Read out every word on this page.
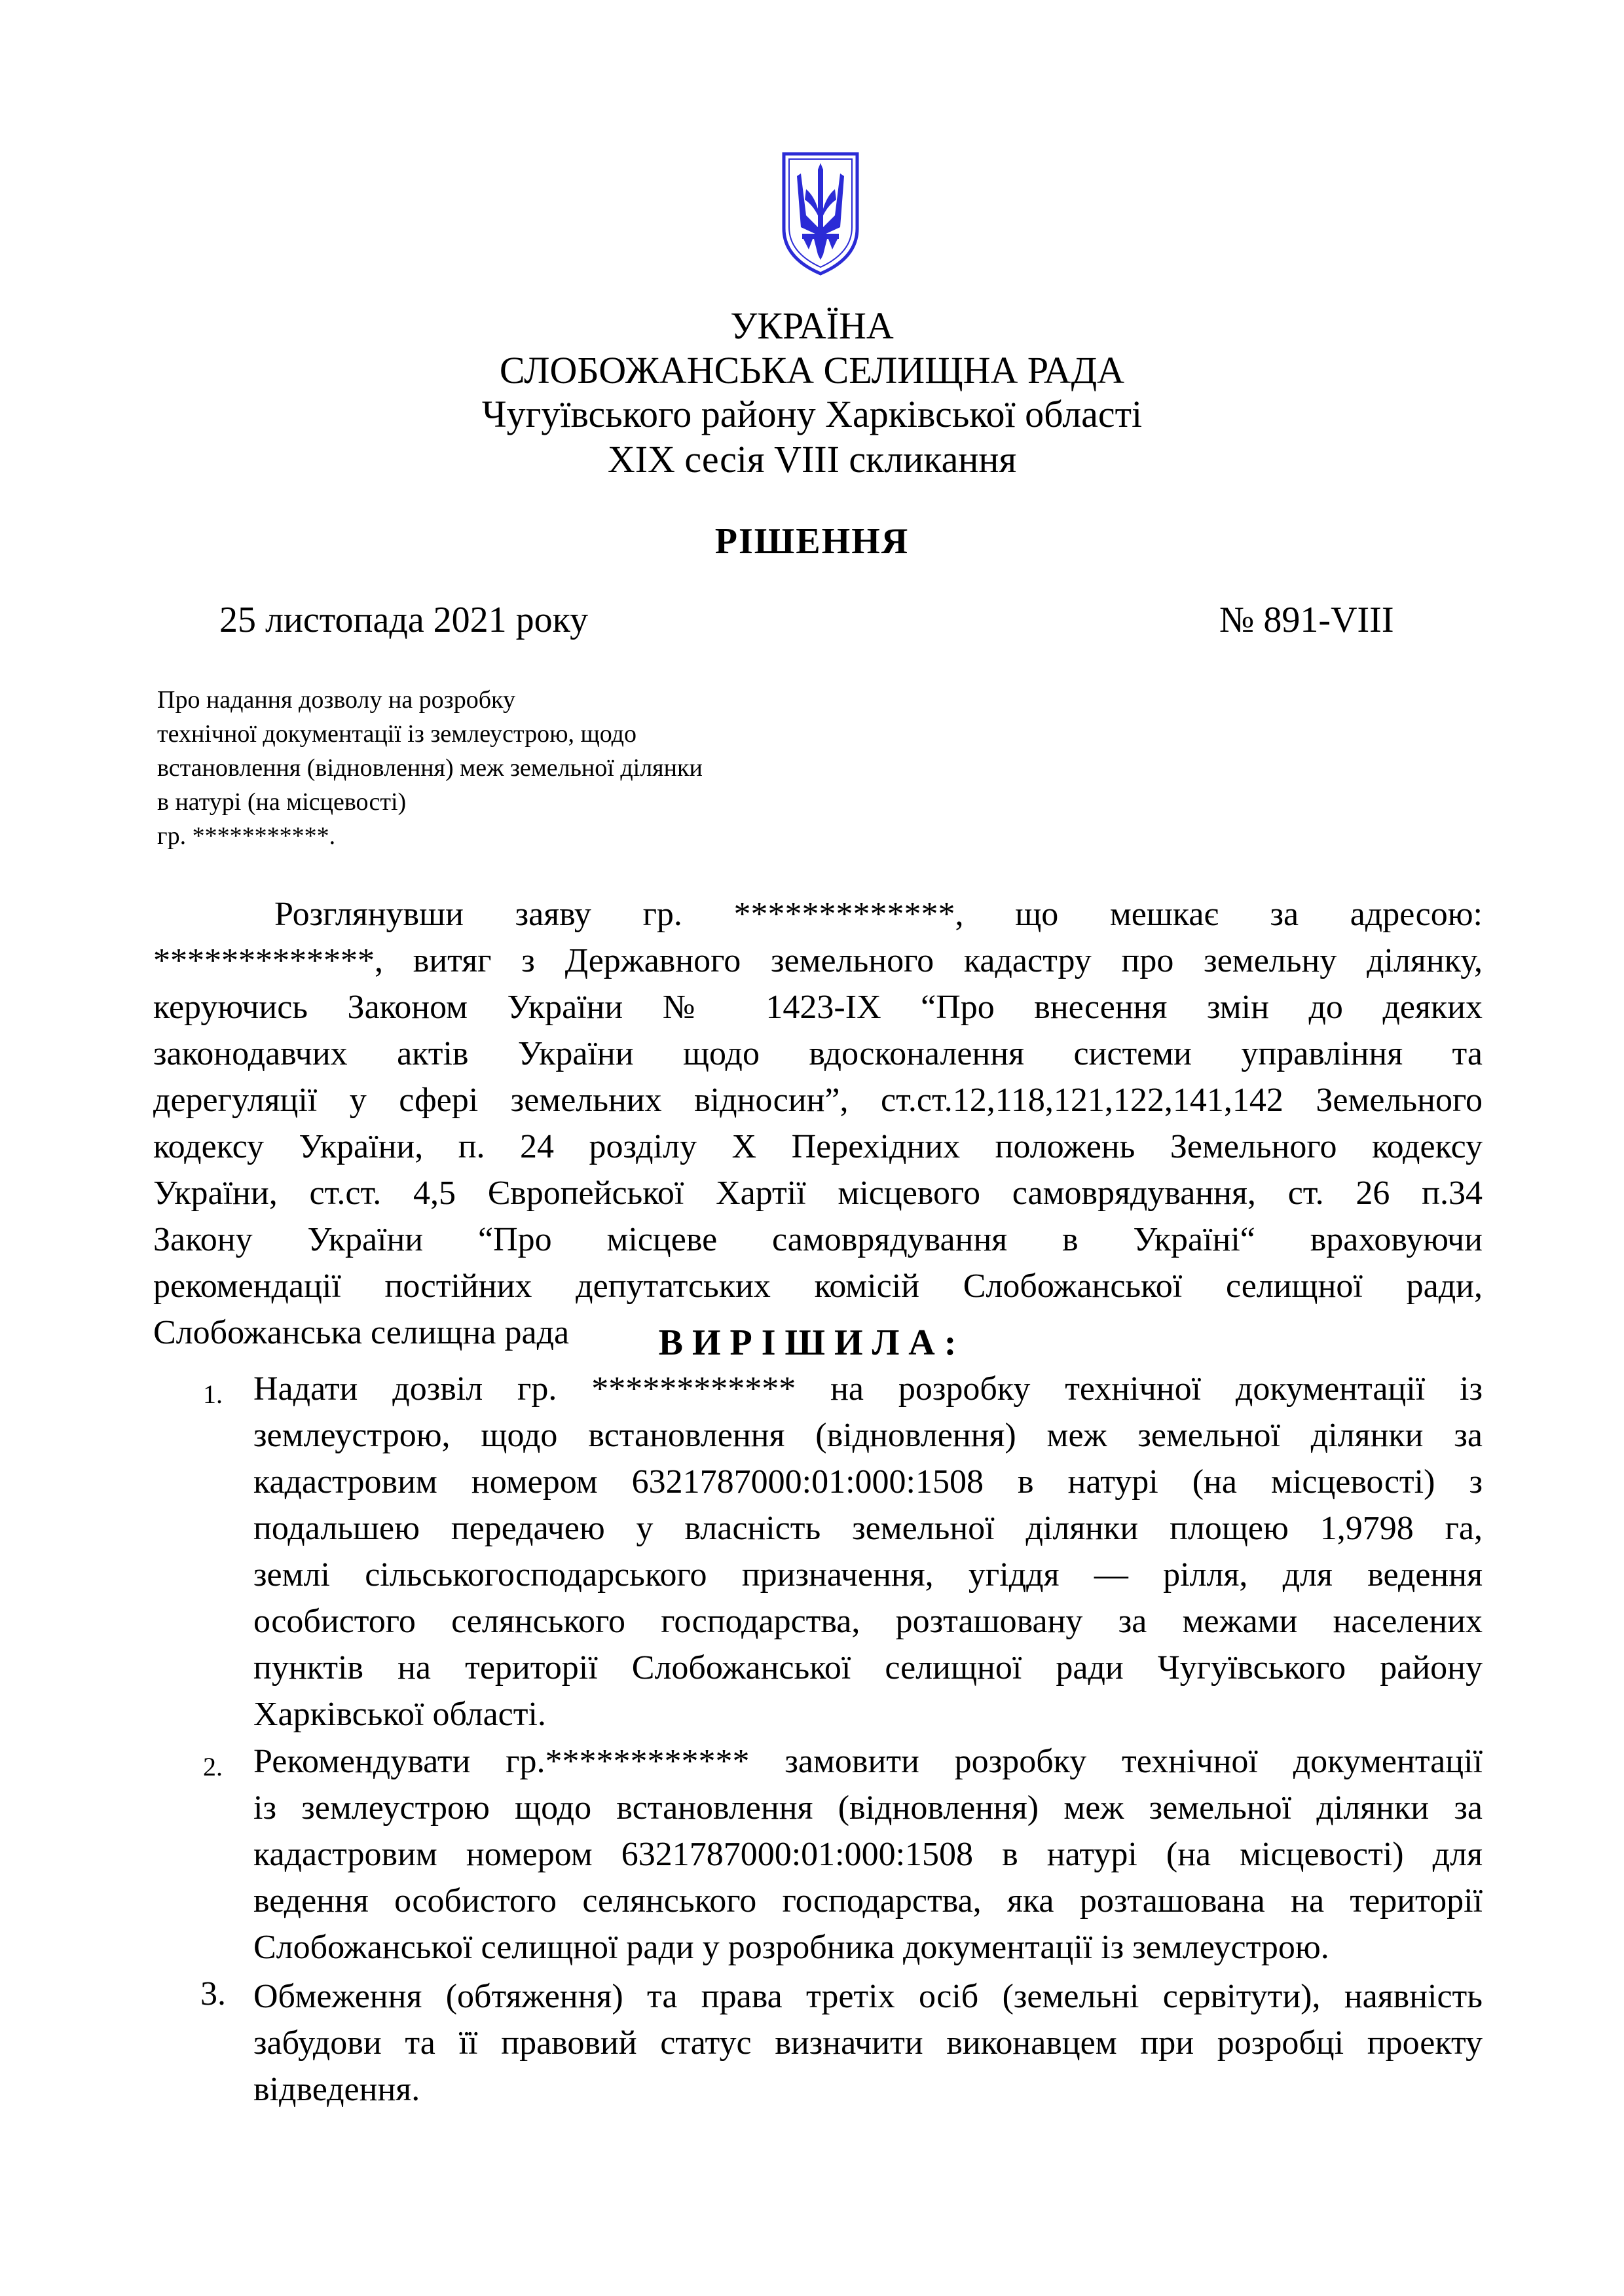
УКРАЇНА
СЛОБОЖАНСЬКА СЕЛИЩНА РАДА
Чугуївського району Харківської області
XIX сесія VIII скликання
РІШЕННЯ
25 листопада 2021 року	№ 891-VIII
Про надання дозволу на розробку
технічної документації із землеустрою, щодо
встановлення (відновлення) меж земельної ділянки
в натурі (на місцевості)
гр. ***********.
Розглянувши заяву гр. *************, що мешкає за адресою:
*************, витяг з Державного земельного кадастру про земельну ділянку,
керуючись Законом України № 1423-IX “Про внесення змін до деяких
законодавчих актів України щодо вдосконалення системи управління та
дерегуляції у сфері земельних відносин”, ст.ст.12,118,121,122,141,142 Земельного
кодексу України, п. 24 розділу Х Перехідних положень Земельного кодексу
України, ст.ст. 4,5 Європейської Хартії місцевого самоврядування, ст. 26 п.34
Закону України “Про місцеве самоврядування в Україні“ враховуючи
рекомендації постійних депутатських комісій Слобожанської селищної ради,
Слобожанська селищна рада	ВИРІШИЛА:
1. Надати дозвіл гр. ************ на розробку технічної документації із
землеустрою, щодо встановлення (відновлення) меж земельної ділянки за
кадастровим номером 6321787000:01:000:1508 в натурі (на місцевості) з
подальшею передачею у власність земельної ділянки площею 1,9798 га,
землі сільськогосподарського призначення, угіддя — рілля, для ведення
особистого селянського господарства, розташовану за межами населених
пунктів на території Слобожанської селищної ради Чугуївського району
Харківської області.
2. Рекомендувати гр.************ замовити розробку технічної документації
із землеустрою щодо встановлення (відновлення) меж земельної ділянки за
кадастровим номером 6321787000:01:000:1508 в натурі (на місцевості) для
ведення особистого селянського господарства, яка розташована на території
Слобожанської селищної ради у розробника документації із землеустрою.
3. Обмеження (обтяження) та права третіх осіб (земельні сервітути), наявність
забудови та її правовий статус визначити виконавцем при розробці проекту
відведення.
